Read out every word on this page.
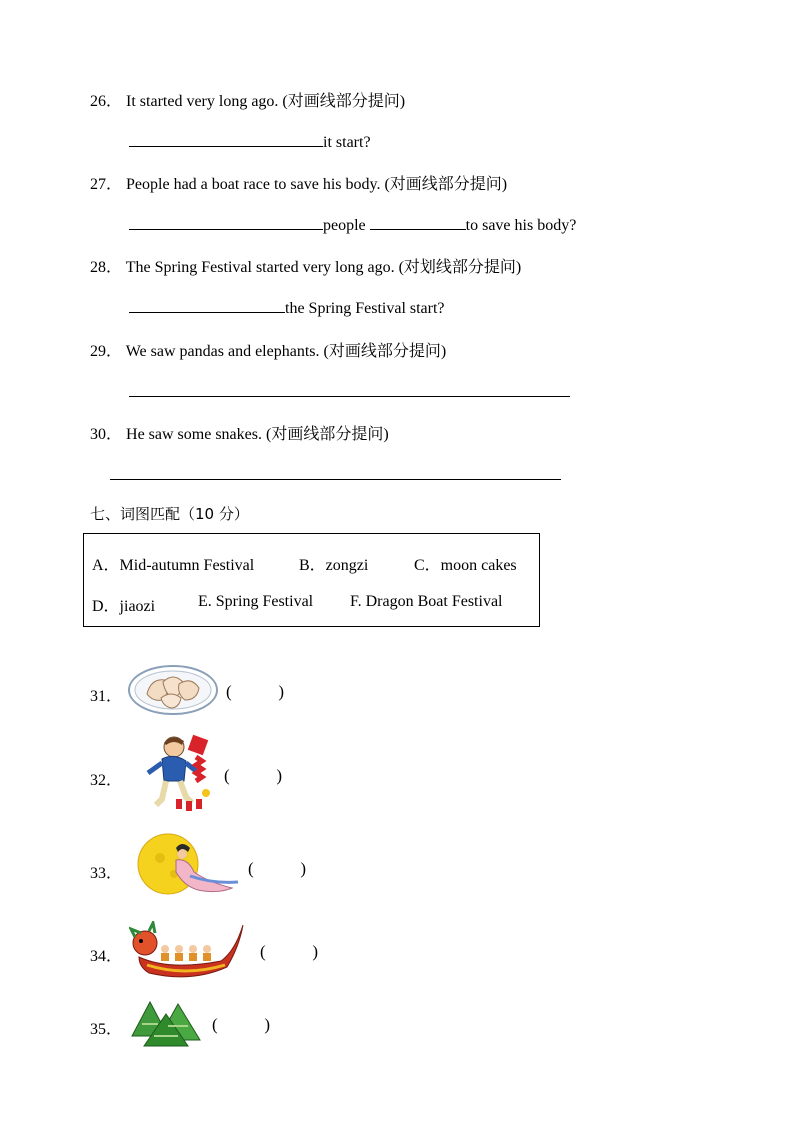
26． It started very long ago. (对画线部分提问)
it start?
27． People had a boat race to save his body. (对画线部分提问)
people	to save his body?
28． The Spring Festival started very long ago. (对划线部分提问)
the Spring Festival start?
29． We saw pandas and elephants. (对画线部分提问)
30． He saw some snakes. (对画线部分提问)
七、词图匹配（10 分）
A．Mid-autumn Festival	B．zongzi	C．moon cakes
D．jiaozi	E. Spring Festival F. Dragon Boat Festival
31．	(           )
32．	(           )
33．	(           )
34．	(           )
35．	(           )
